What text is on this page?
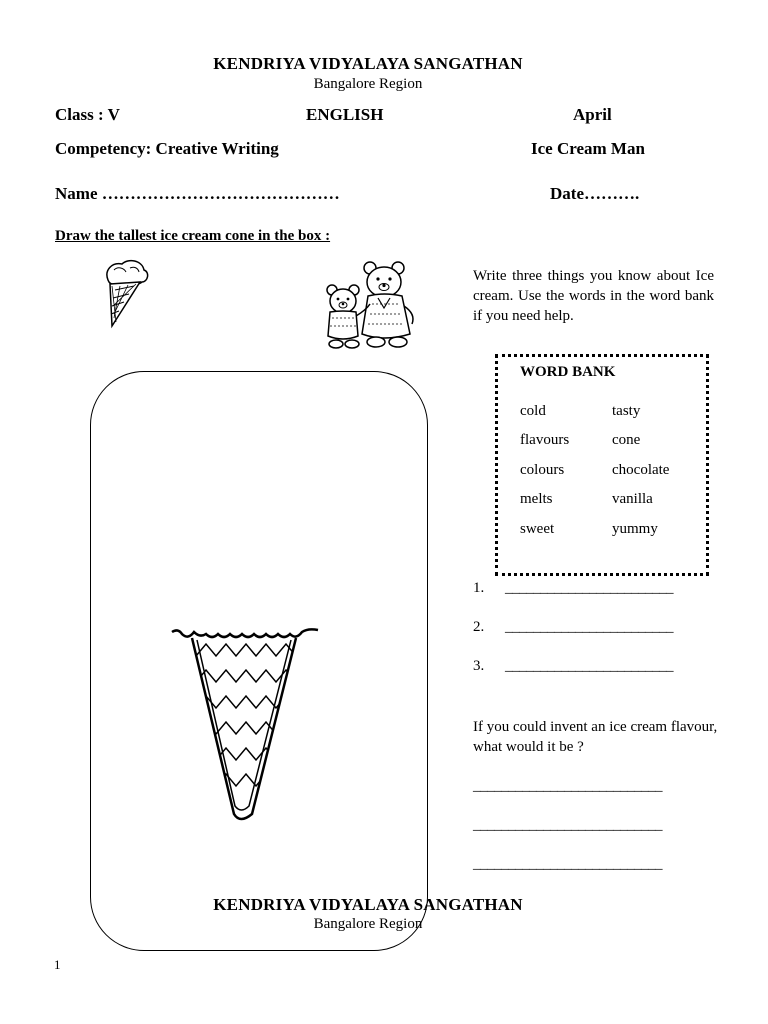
KENDRIYA VIDYALAYA SANGATHAN
Bangalore Region
Class : V	ENGLISH	April
Competency: Creative Writing	Ice Cream Man
Name ……………………………………	Date……….
Draw the tallest ice cream cone in the box :
Write three things you know about Ice cream. Use the words in the word bank if you need help.
WORD BANK
cold	tasty
flavours	cone
colours	chocolate
melts	vanilla
sweet	yummy
1. ________________________
2. ________________________
3. ________________________
If you could invent an ice cream flavour, what would it be ?
___________________________
___________________________
___________________________
KENDRIYA VIDYALAYA SANGATHAN
Bangalore Region
1
